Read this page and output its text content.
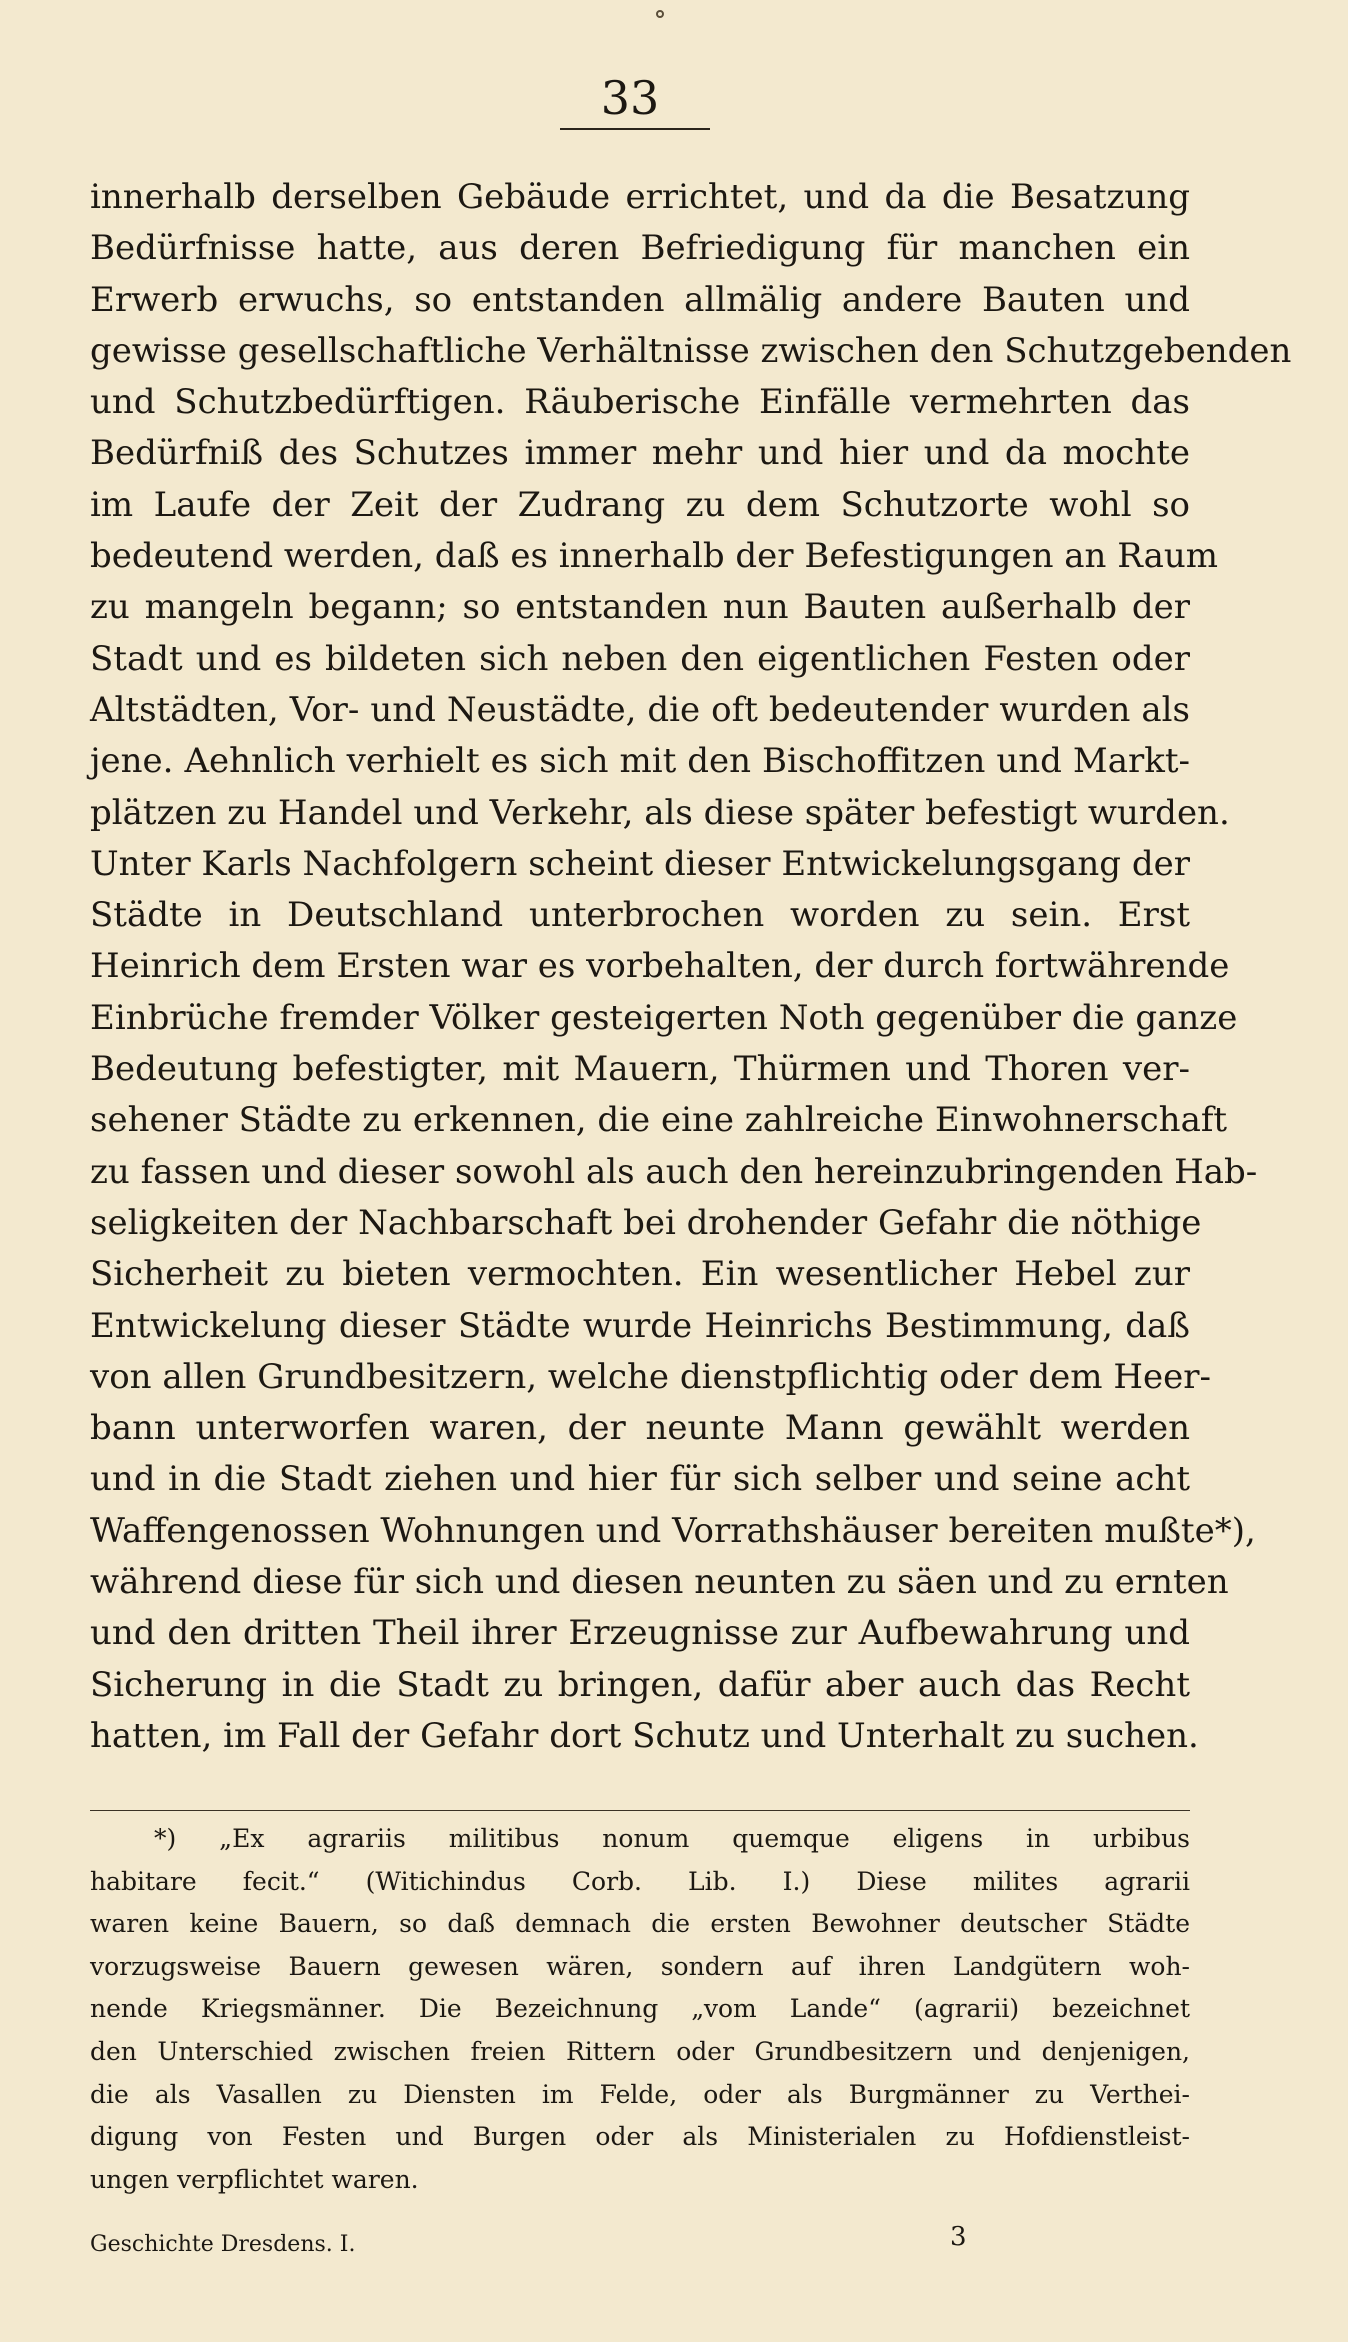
33
innerhalb derselben Gebäude errichtet, und da die Besatzung
Bedürfnisse hatte, aus deren Befriedigung für manchen ein
Erwerb erwuchs, so entstanden allmälig andere Bauten und
gewisse gesellschaftliche Verhältnisse zwischen den Schutzgebenden
und Schutzbedürftigen. Räuberische Einfälle vermehrten das
Bedürfniß des Schutzes immer mehr und hier und da mochte
im Laufe der Zeit der Zudrang zu dem Schutzorte wohl so
bedeutend werden, daß es innerhalb der Befestigungen an Raum
zu mangeln begann; so entstanden nun Bauten außerhalb der
Stadt und es bildeten sich neben den eigentlichen Festen oder
Altstädten, Vor- und Neustädte, die oft bedeutender wurden als
jene. Aehnlich verhielt es sich mit den Bischoffitzen und Markt-
plätzen zu Handel und Verkehr, als diese später befestigt wurden.
Unter Karls Nachfolgern scheint dieser Entwickelungsgang der
Städte in Deutschland unterbrochen worden zu sein. Erst
Heinrich dem Ersten war es vorbehalten, der durch fortwährende
Einbrüche fremder Völker gesteigerten Noth gegenüber die ganze
Bedeutung befestigter, mit Mauern, Thürmen und Thoren ver-
sehener Städte zu erkennen, die eine zahlreiche Einwohnerschaft
zu fassen und dieser sowohl als auch den hereinzubringenden Hab-
seligkeiten der Nachbarschaft bei drohender Gefahr die nöthige
Sicherheit zu bieten vermochten. Ein wesentlicher Hebel zur
Entwickelung dieser Städte wurde Heinrichs Bestimmung, daß
von allen Grundbesitzern, welche dienstpflichtig oder dem Heer-
bann unterworfen waren, der neunte Mann gewählt werden
und in die Stadt ziehen und hier für sich selber und seine acht
Waffengenossen Wohnungen und Vorrathshäuser bereiten mußte*),
während diese für sich und diesen neunten zu säen und zu ernten
und den dritten Theil ihrer Erzeugnisse zur Aufbewahrung und
Sicherung in die Stadt zu bringen, dafür aber auch das Recht
hatten, im Fall der Gefahr dort Schutz und Unterhalt zu suchen.
*) „Ex agrariis militibus nonum quemque eligens in urbibus
habitare fecit.“ (Witichindus Corb. Lib. I.) Diese milites agrarii
waren keine Bauern, so daß demnach die ersten Bewohner deutscher Städte
vorzugsweise Bauern gewesen wären, sondern auf ihren Landgütern woh-
nende Kriegsmänner. Die Bezeichnung „vom Lande“ (agrarii) bezeichnet
den Unterschied zwischen freien Rittern oder Grundbesitzern und denjenigen,
die als Vasallen zu Diensten im Felde, oder als Burgmänner zu Verthei-
digung von Festen und Burgen oder als Ministerialen zu Hofdienstleist-
ungen verpflichtet waren.
Geschichte Dresdens. I.	3
